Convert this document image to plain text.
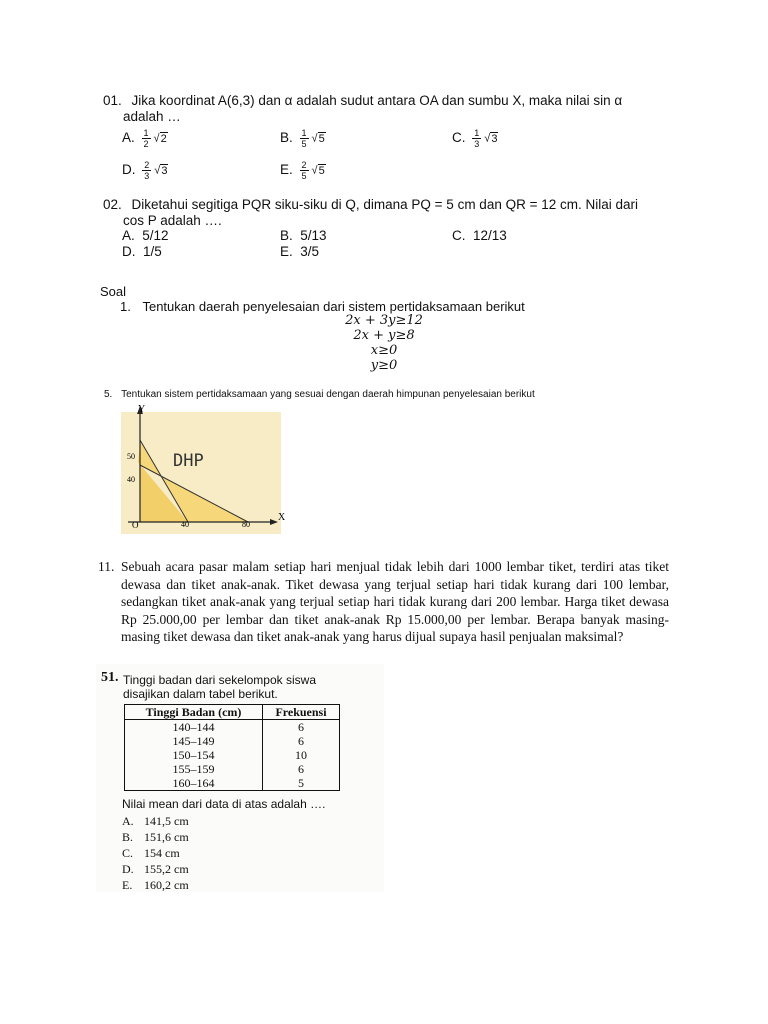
01. Jika koordinat A(6,3) dan α adalah sudut antara OA dan sumbu X, maka nilai sin α
adalah …
A. $\frac{1}{2} √2$	B. $\frac{1}{5} √5$	C. $\frac{1}{3} √3$
D. $\frac{2}{3} √3$	E. $\frac{2}{5} √5$
02. Diketahui segitiga PQR siku-siku di Q, dimana PQ = 5 cm dan QR = 12 cm. Nilai dari
cos P adalah ….
A. 5/12	B. 5/13	C. 12/13
D. 1/5	E. 3/5
Soal
1. Tentukan daerah penyelesaian dari sistem pertidaksamaan berikut
2x + 3y≥12
2x + y≥8
x≥0
y≥0
5. Tentukan sistem pertidaksamaan yang sesuai dengan daerah himpunan penyelesaian berikut
Y
X
O
50
40
40	80
DHP
11. Sebuah acara pasar malam setiap hari menjual tidak lebih dari 1000 lembar tiket, terdiri atas tiket dewasa dan tiket anak-anak. Tiket dewasa yang terjual setiap hari tidak kurang dari 100 lembar, sedangkan tiket anak-anak yang terjual setiap hari tidak kurang dari 200 lembar. Harga tiket dewasa Rp 25.000,00 per lembar dan tiket anak-anak Rp 15.000,00 per lembar. Berapa banyak masing-masing tiket dewasa dan tiket anak-anak yang harus dijual supaya hasil penjualan maksimal?
51. Tinggi badan dari sekelompok siswa
disajikan dalam tabel berikut.
Tinggi Badan (cm)	Frekuensi
140–144	6
145–149	6
150–154	10
155–159	6
160–164	5
Nilai mean dari data di atas adalah ….
A. 141,5 cm
B. 151,6 cm
C. 154 cm
D. 155,2 cm
E. 160,2 cm
